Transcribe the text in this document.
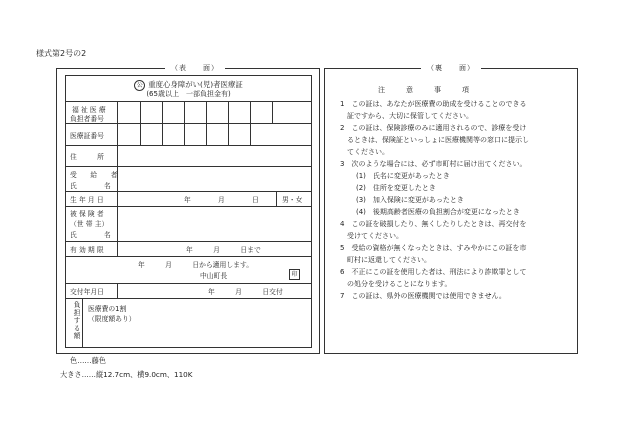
様式第2号の2
（表　　面）
公 重度心身障がい(児)者医療証
(65歳以上　一部負担金有)
福 祉 医 療
負担者番号
医療証番号
住　　　所
受　　給　　者
氏　　　　名
生 年 月 日	年　　　　月　　　　日	男・女
被 保 険 者
（世 帯 主）
氏　　　　名
有 効 期 限	年　　　月　　　日まで
年　　　月　　　日から適用します。
中山町長	印
交付年月日	年　　　月　　　日交付
負担する額 医療費の1割
（限度額あり）
（裏　　面）
注　　　意　　　事　　　項
1　この証は、あなたが医療費の助成を受けることのできる
　証ですから、大切に保管してください。
2　この証は、保険診療のみに適用されるので、診療を受け
　るときは、保険証といっしょに医療機関等の窓口に提示し
　てください。
3　次のような場合には、必ず市町村に届け出てください。
(1)　氏名に変更があったとき
(2)　住所を変更したとき
(3)　加入保険に変更があったとき
(4)　後期高齢者医療の負担割合が変更になったとき
4　この証を破損したり、無くしたりしたときは、再交付を
　受けてください。
5　受給の資格が無くなったときは、すみやかにこの証を市
　町村に返還してください。
6　不正にこの証を使用した者は、刑法により詐欺罪として
　の処分を受けることになります。
7　この証は、県外の医療機関では使用できません。
色……藤色
大きさ……縦12.7cm、横9.0cm、110K
